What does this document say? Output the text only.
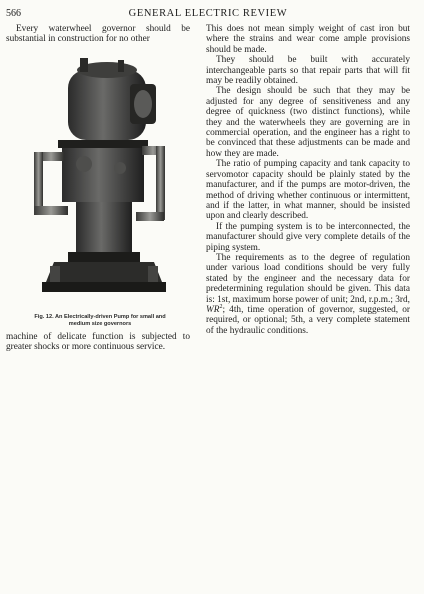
566	GENERAL ELECTRIC REVIEW

Every waterwheel governor should be substantial in construction for no other

Fig. 12. An Electrically-driven Pump for small and
medium size governors

machine of delicate function is subjected to greater shocks or more continuous service.

This does not mean simply weight of cast iron but where the strains and wear come ample provisions should be made.

They should be built with accurately interchangeable parts so that repair parts that will fit may be readily obtained.

The design should be such that they may be adjusted for any degree of sensitiveness and any degree of quickness (two distinct functions), while they and the waterwheels they are governing are in commercial operation, and the engineer has a right to be convinced that these adjustments can be made and how they are made.

The ratio of pumping capacity and tank capacity to servomotor capacity should be plainly stated by the manufacturer, and if the pumps are motor-driven, the method of driving whether continuous or intermittent, and if the latter, in what manner, should be insisted upon and clearly described.

If the pumping system is to be interconnected, the manufacturer should give very complete details of the piping system.

The requirements as to the degree of regulation under various load conditions should be very fully stated by the engineer and the necessary data for predetermining regulation should be given. This data is: 1st, maximum horse power of unit; 2nd, r.p.m.; 3rd, $WR^2$; 4th, time operation of governor, suggested, or required, or optional; 5th, a very complete statement of the hydraulic conditions.
